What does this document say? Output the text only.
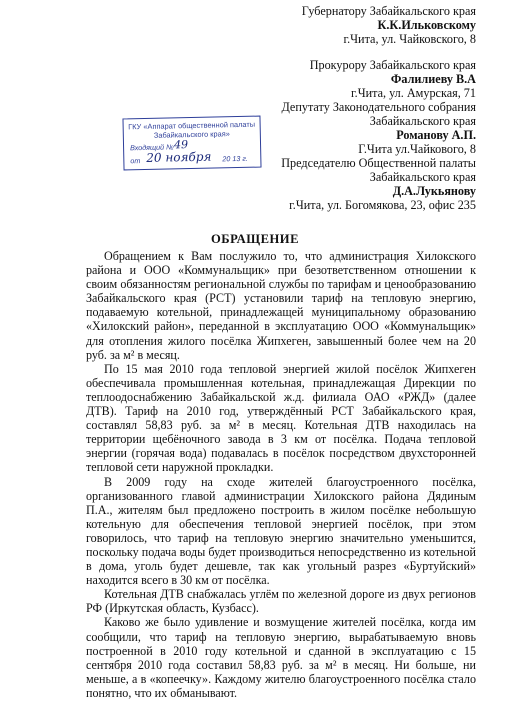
Губернатору Забайкальского края
К.К.Ильковскому
г.Чита, ул. Чайковского, 8
Прокурору Забайкальского края
Фалилиеву В.А
г.Чита, ул. Амурская, 71
Депутату Законодательного собрания
Забайкальского края
Романову А.П.
Г.Чита ул.Чайкового, 8
Председателю Общественной палаты
Забайкальского края
Д.А.Лукьянову
г.Чита, ул. Богомякова, 23, офис 235
ГКУ «Аппарат общественной палаты
Забайкальского края»
Входящий № 49
от 20 ноября 20 13 г.
ОБРАЩЕНИЕ

Обращением к Вам послужило то, что администрация Хилокского района и ООО «Коммунальщик» при безответственном отношении к своим обязанностям региональной службы по тарифам и ценообразованию Забайкальского края (РСТ) установили тариф на тепловую энергию, подаваемую котельной, принадлежащей муниципальному образованию «Хилокский район», переданной в эксплуатацию ООО «Коммунальщик» для отопления жилого посёлка Жипхеген, завышенный более чем на 20 руб. за м² в месяц.

По 15 мая 2010 года тепловой энергией жилой посёлок Жипхеген обеспечивала промышленная котельная, принадлежащая Дирекции по теплоодоснабжению Забайкальской ж.д. филиала ОАО «РЖД» (далее ДТВ). Тариф на 2010 год, утверждённый РСТ Забайкальского края, составлял 58,83 руб. за м² в месяц. Котельная ДТВ находилась на территории щебёночного завода в 3 км от посёлка. Подача тепловой энергии (горячая вода) подавалась в посёлок посредством двухсторонней тепловой сети наружной прокладки.

В 2009 году на сходе жителей благоустроенного посёлка, организованного главой администрации Хилокского района Дядиным П.А., жителям был предложено построить в жилом посёлке небольшую котельную для обеспечения тепловой энергией посёлок, при этом говорилось, что тариф на тепловую энергию значительно уменьшится, поскольку подача воды будет производиться непосредственно из котельной в дома, уголь будет дешевле, так как угольный разрез «Буртуйский» находится всего в 30 км от посёлка.

Котельная ДТВ снабжалась углём по железной дороге из двух регионов РФ (Иркутская область, Кузбасс).

Каково же было удивление и возмущение жителей посёлка, когда им сообщили, что тариф на тепловую энергию, вырабатываемую вновь построенной в 2010 году котельной и сданной в эксплуатацию с 15 сентября 2010 года составил 58,83 руб. за м² в месяц. Ни больше, ни меньше, а в «копеечку». Каждому жителю благоустроенного посёлка стало понятно, что их обманывают.
